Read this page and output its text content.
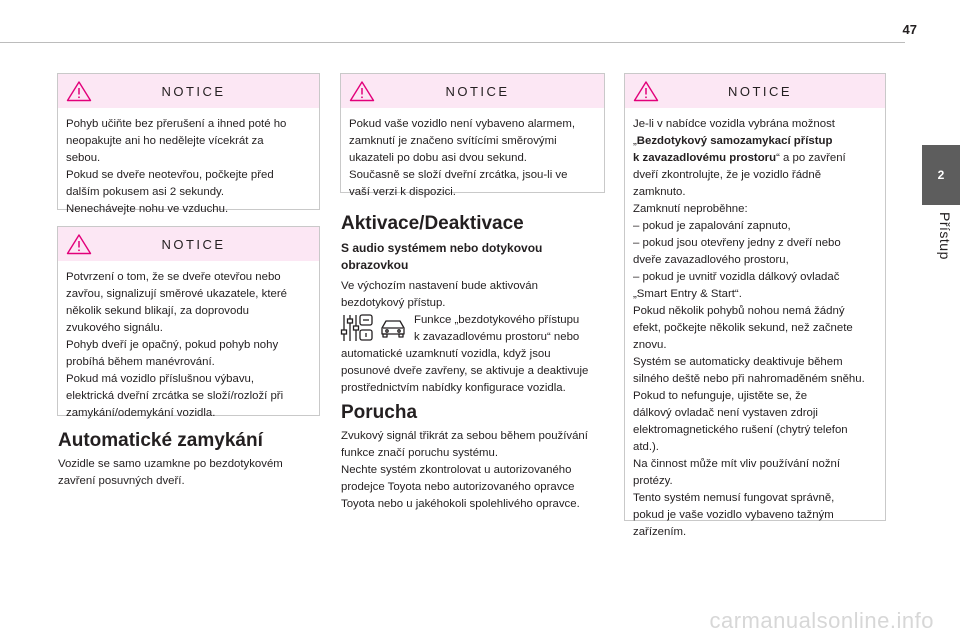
47
2
Přístup
NOTICE

Pohyb učiňte bez přerušení a ihned poté ho
neopakujte ani ho nedělejte vícekrát za
sebou.
Pokud se dveře neotevřou, počkejte před
dalším pokusem asi 2 sekundy.
Nenechávejte nohu ve vzduchu.

NOTICE

Potvrzení o tom, že se dveře otevřou nebo
zavřou, signalizují směrové ukazatele, které
několik sekund blikají, za doprovodu
zvukového signálu.
Pohyb dveří je opačný, pokud pohyb nohy
probíhá během manévrování.
Pokud má vozidlo příslušnou výbavu,
elektrická dveřní zrcátka se složí/rozloží při
zamykání/odemykání vozidla.

Automatické zamykání
Vozidle se samo uzamkne po bezdotykovém
zavření posuvných dveří.
NOTICE

Pokud vaše vozidlo není vybaveno alarmem,
zamknutí je značeno svítícími směrovými
ukazateli po dobu asi dvou sekund.
Současně se složí dveřní zrcátka, jsou-li ve
vaší verzi k dispozici.

Aktivace/Deaktivace
S audio systémem nebo dotykovou
obrazovkou
Ve výchozím nastavení bude aktivován
bezdotykový přístup.
Funkce „bezdotykového přístupu
k zavazadlovému prostoru“ nebo
automatické uzamknutí vozidla, když jsou
posunové dveře zavřeny, se aktivuje a deaktivuje
prostřednictvím nabídky konfigurace vozidla.
Porucha
Zvukový signál třikrát za sebou během používání
funkce značí poruchu systému.
Nechte systém zkontrolovat u autorizovaného
prodejce Toyota nebo autorizovaného opravce
Toyota nebo u jakéhokoli spolehlivého opravce.
NOTICE

Je-li v nabídce vozidla vybrána možnost
„Bezdotykový samozamykací přístup
k zavazadlovému prostoru“ a po zavření
dveří zkontrolujte, že je vozidlo řádně
zamknuto.
Zamknutí neproběhne:
– pokud je zapalování zapnuto,
– pokud jsou otevřeny jedny z dveří nebo
dveře zavazadlového prostoru,
– pokud je uvnitř vozidla dálkový ovladač
„Smart Entry & Start“.
Pokud několik pohybů nohou nemá žádný
efekt, počkejte několik sekund, než začnete
znovu.
Systém se automaticky deaktivuje během
silného deště nebo při nahromaděném sněhu.
Pokud to nefunguje, ujistěte se, že
dálkový ovladač není vystaven zdroji
elektromagnetického rušení (chytrý telefon
atd.).
Na činnost může mít vliv používání nožní
protézy.
Tento systém nemusí fungovat správně,
pokud je vaše vozidlo vybaveno tažným
zařízením.

carmanualsonline.info
